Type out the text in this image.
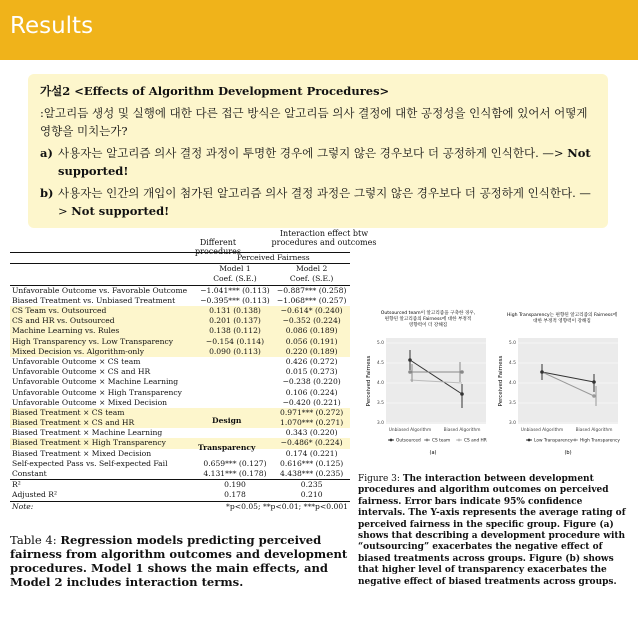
Results
가설2 <Effects of Algorithm Development Procedures>
:알고리듬 생성 및 실행에 대한 다른 접근 방식은 알고리듬 의사 결정에 대한 공정성을 인식함에 있어서 어떻게 영향을 미치는가?
a) 사용자는 알고리즘 의사 결정 과정이 투명한 경우에 그렇지 않은 경우보다 더 공정하게 인식한다. —> Not supported!
b) 사용자는 인간의 개입이 첨가된 알고리즘 의사 결정 과정은 그렇지 않은 경우보다 더 공정하게 인식한다. —> Not supported!
Different procedures
Interaction effect btw procedures and outcomes
	Perceived Fairness	
	Model 1	Model 2
	Coef. (S.E.)	Coef. (S.E.)
Unfavorable Outcome vs. Favorable Outcome	−1.041*** (0.113)	−0.887*** (0.258)
Biased Treatment vs. Unbiased Treatment	−0.395*** (0.113)	−1.068*** (0.257)
CS Team vs. Outsourced	0.131 (0.138)	−0.614* (0.240)
CS and HR vs. Outsourced	0.201 (0.137)	−0.352 (0.224)
Machine Learning vs. Rules	0.138 (0.112)	0.086 (0.189)
High Transparency vs. Low Transparency	−0.154 (0.114)	0.056 (0.191)
Mixed Decision vs. Algorithm-only	0.090 (0.113)	0.220 (0.189)
Unfavorable Outcome × CS team		0.426 (0.272)
Unfavorable Outcome × CS and HR		0.015 (0.273)
Unfavorable Outcome × Machine Learning		−0.238 (0.220)
Unfavorable Outcome × High Transparency		0.106 (0.224)
Unfavorable Outcome × Mixed Decision		−0.420 (0.221)
Biased Treatment × CS team		0.971*** (0.272)
Biased Treatment × CS and HR		1.070*** (0.271)
Biased Treatment × Machine Learning		0.343 (0.220)
Biased Treatment × High Transparency		−0.486* (0.224)
Biased Treatment × Mixed Decision		0.174 (0.221)
Self-expected Pass vs. Self-expected Fail	0.659*** (0.127)	0.616*** (0.125)
Constant	4.131*** (0.178)	4.438*** (0.235)
R²	0.190	0.235
Adjusted R²	0.178	0.210
Note:	*p<0.05; **p<0.01; ***p<0.001	
Design
Transparency
Table 4: Regression models predicting perceived fairness from algorithm outcomes and development procedures. Model 1 shows the main effects, and Model 2 includes interaction terms.
Outsourced team이 알고리즘을 구축한 경우, 편향된 알고리즘의 Fairness에 대한 부정적 영향력이 더 강해짐
5.0
4.5
4.0
3.5
3.0
Perceived Fairness
Unbiased Algorithm	Biased Algorithm
Outsourced	CS team	CS and HR
(a)
High Transparency는 편향된 알고리즘의 Fairness에 대한 부정적 영향력이 강해짐
5.0
4.5
4.0
3.5
3.0
Perceived Fairness
Unbiased Algorithm	Biased Algorithm
Low Transparency High Transparency
(b)
Figure 3: The interaction between development procedures and algorithm outcomes on perceived fairness. Error bars indicate 95% confidence intervals. The Y-axis represents the average rating of perceived fairness in the specific group. Figure (a) shows that describing a development procedure with “outsourcing” exacerbates the negative effect of biased treatments across groups. Figure (b) shows that higher level of transparency exacerbates the negative effect of biased treatments across groups.
